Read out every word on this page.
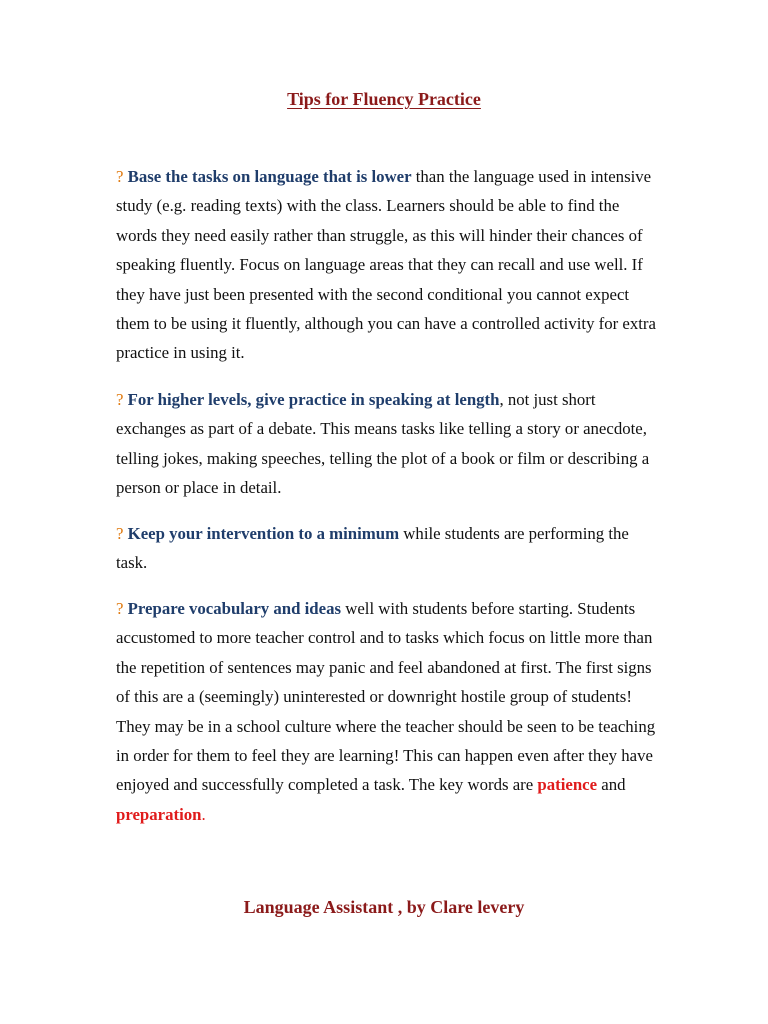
Tips for Fluency Practice

? Base the tasks on language that is lower than the language used in intensive study (e.g. reading texts) with the class. Learners should be able to find the words they need easily rather than struggle, as this will hinder their chances of speaking fluently. Focus on language areas that they can recall and use well. If they have just been presented with the second conditional you cannot expect them to be using it fluently, although you can have a controlled activity for extra practice in using it.

? For higher levels, give practice in speaking at length, not just short exchanges as part of a debate. This means tasks like telling a story or anecdote, telling jokes, making speeches, telling the plot of a book or film or describing a person or place in detail.

? Keep your intervention to a minimum while students are performing the task.

? Prepare vocabulary and ideas well with students before starting. Students accustomed to more teacher control and to tasks which focus on little more than the repetition of sentences may panic and feel abandoned at first. The first signs of this are a (seemingly) uninterested or downright hostile group of students! They may be in a school culture where the teacher should be seen to be teaching in order for them to feel they are learning! This can happen even after they have enjoyed and successfully completed a task. The key words are patience and preparation.

Language Assistant , by Clare levery
